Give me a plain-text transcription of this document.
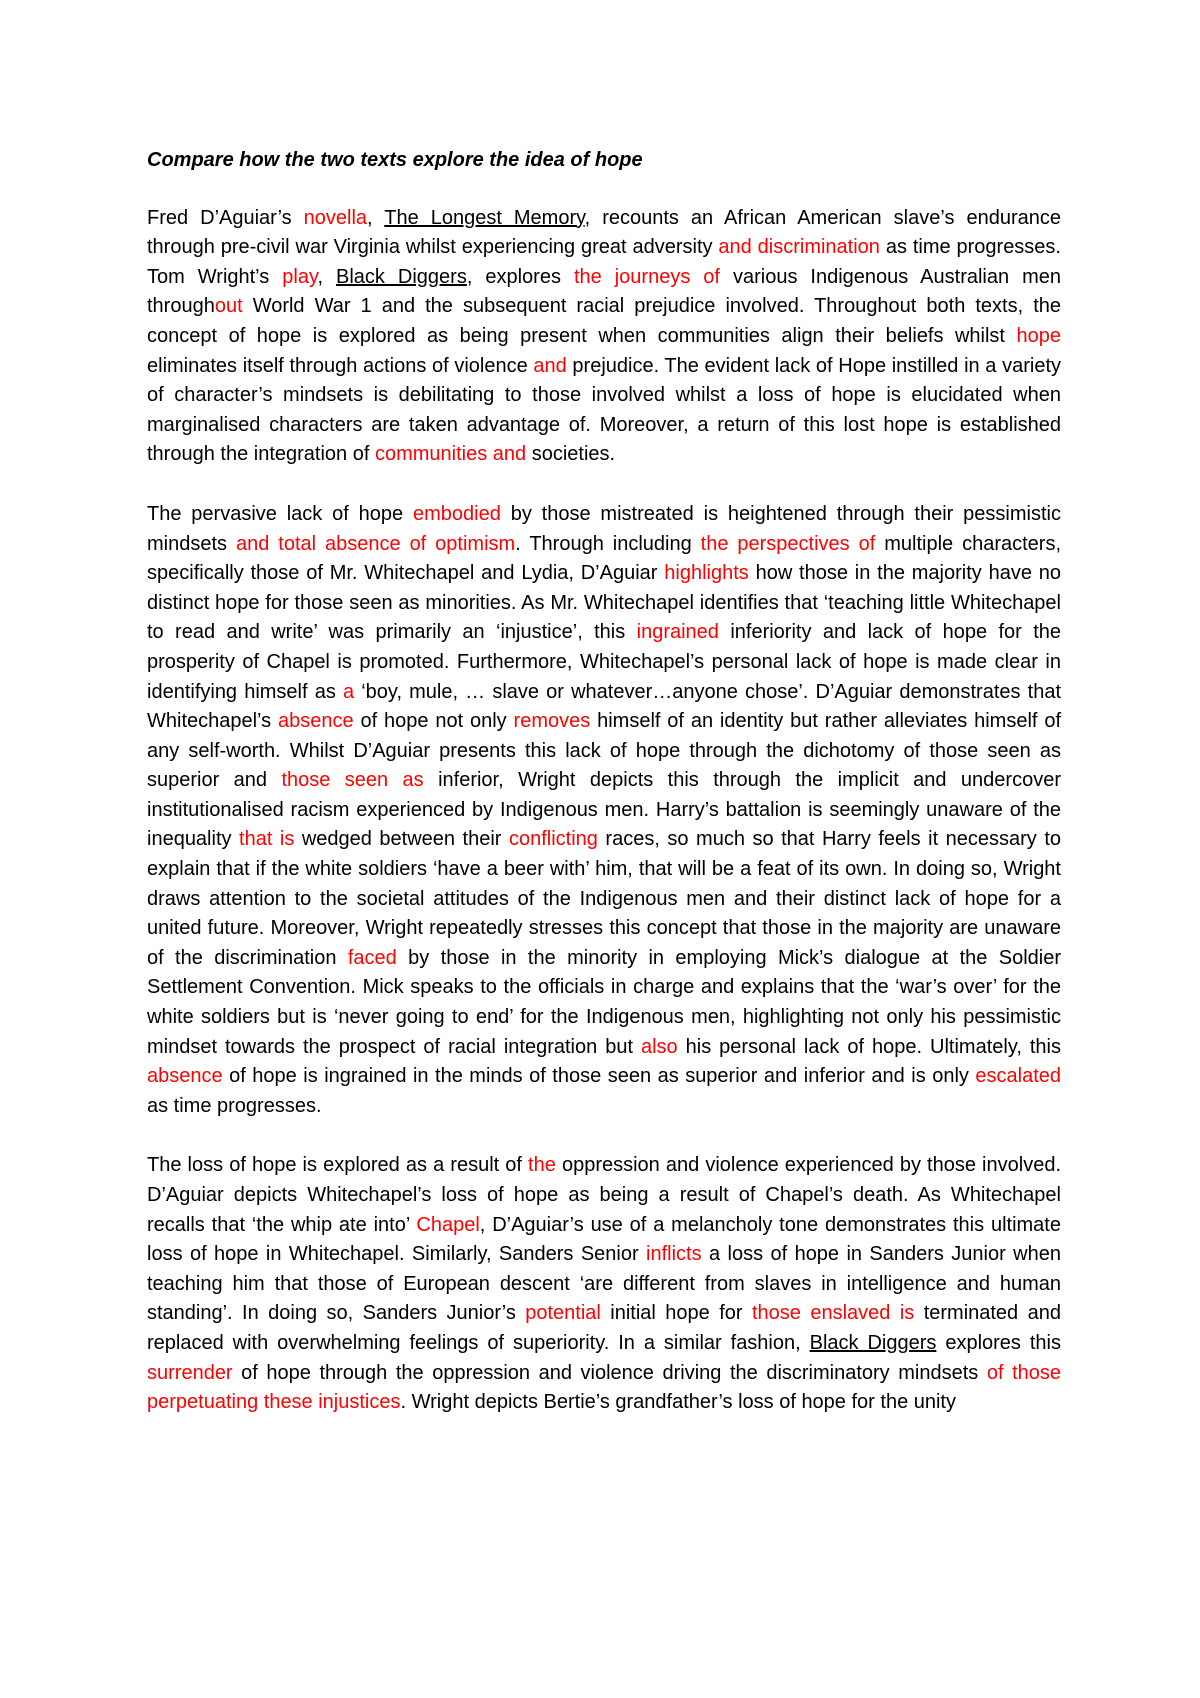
Compare how the two texts explore the idea of hope

Fred D’Aguiar’s novella, The Longest Memory, recounts an African American slave’s endurance through pre-civil war Virginia whilst experiencing great adversity and discrimination as time progresses. Tom Wright’s play, Black Diggers, explores the journeys of various Indigenous Australian men throughout World War 1 and the subsequent racial prejudice involved. Throughout both texts, the concept of hope is explored as being present when communities align their beliefs whilst hope eliminates itself through actions of violence and prejudice. The evident lack of Hope instilled in a variety of character’s mindsets is debilitating to those involved whilst a loss of hope is elucidated when marginalised characters are taken advantage of. Moreover, a return of this lost hope is established through the integration of communities and societies.

The pervasive lack of hope embodied by those mistreated is heightened through their pessimistic mindsets and total absence of optimism. Through including the perspectives of multiple characters, specifically those of Mr. Whitechapel and Lydia, D’Aguiar highlights how those in the majority have no distinct hope for those seen as minorities. As Mr. Whitechapel identifies that ‘teaching little Whitechapel to read and write’ was primarily an ‘injustice’, this ingrained inferiority and lack of hope for the prosperity of Chapel is promoted. Furthermore, Whitechapel’s personal lack of hope is made clear in identifying himself as a ‘boy, mule, … slave or whatever…anyone chose’. D’Aguiar demonstrates that Whitechapel’s absence of hope not only removes himself of an identity but rather alleviates himself of any self-worth. Whilst D’Aguiar presents this lack of hope through the dichotomy of those seen as superior and those seen as inferior, Wright depicts this through the implicit and undercover institutionalised racism experienced by Indigenous men. Harry’s battalion is seemingly unaware of the inequality that is wedged between their conflicting races, so much so that Harry feels it necessary to explain that if the white soldiers ‘have a beer with’ him, that will be a feat of its own. In doing so, Wright draws attention to the societal attitudes of the Indigenous men and their distinct lack of hope for a united future. Moreover, Wright repeatedly stresses this concept that those in the majority are unaware of the discrimination faced by those in the minority in employing Mick’s dialogue at the Soldier Settlement Convention. Mick speaks to the officials in charge and explains that the ‘war’s over’ for the white soldiers but is ‘never going to end’ for the Indigenous men, highlighting not only his pessimistic mindset towards the prospect of racial integration but also his personal lack of hope. Ultimately, this absence of hope is ingrained in the minds of those seen as superior and inferior and is only escalated as time progresses.

The loss of hope is explored as a result of the oppression and violence experienced by those involved. D’Aguiar depicts Whitechapel’s loss of hope as being a result of Chapel’s death. As Whitechapel recalls that ‘the whip ate into’ Chapel, D’Aguiar’s use of a melancholy tone demonstrates this ultimate loss of hope in Whitechapel. Similarly, Sanders Senior inflicts a loss of hope in Sanders Junior when teaching him that those of European descent ‘are different from slaves in intelligence and human standing’. In doing so, Sanders Junior’s potential initial hope for those enslaved is terminated and replaced with overwhelming feelings of superiority. In a similar fashion, Black Diggers explores this surrender of hope through the oppression and violence driving the discriminatory mindsets of those perpetuating these injustices. Wright depicts Bertie’s grandfather’s loss of hope for the unity
